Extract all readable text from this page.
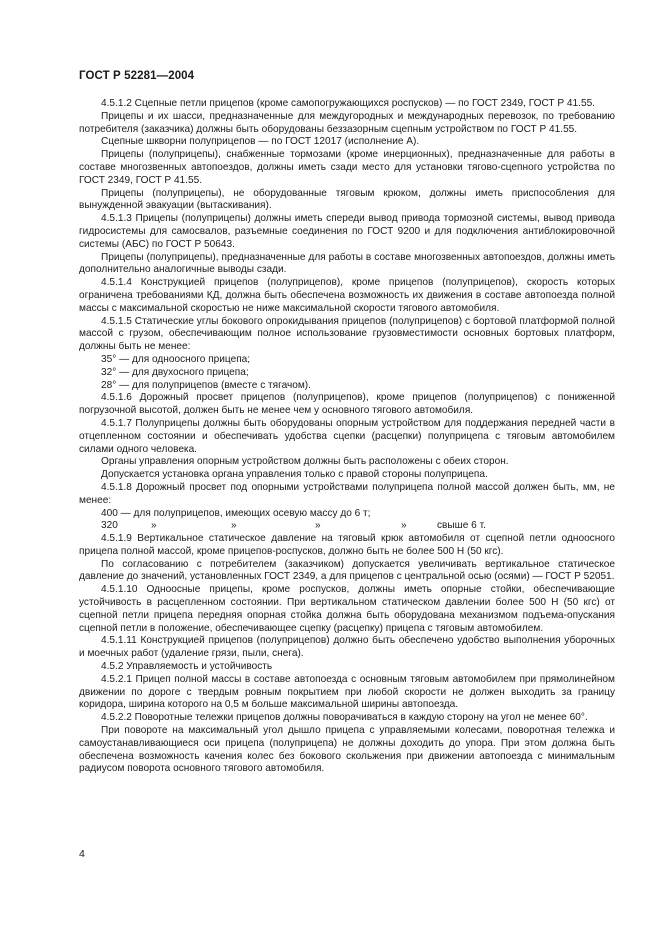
ГОСТ Р 52281—2004

4.5.1.2 Сцепные петли прицепов (кроме самопогружающихся роспусков) — по ГОСТ 2349, ГОСТ Р 41.55.

Прицепы и их шасси, предназначенные для междугородных и международных перевозок, по требованию потребителя (заказчика) должны быть оборудованы беззазорным сцепным устройством по ГОСТ Р 41.55.

Сцепные шкворни полуприцепов — по ГОСТ 12017 (исполнение А).

Прицепы (полуприцепы), снабженные тормозами (кроме инерционных), предназначенные для работы в составе многозвенных автопоездов, должны иметь сзади место для установки тягово-сцепного устройства по ГОСТ 2349, ГОСТ Р 41.55.

Прицепы (полуприцепы), не оборудованные тяговым крюком, должны иметь приспособления для вынужденной эвакуации (вытаскивания).

4.5.1.3 Прицепы (полуприцепы) должны иметь спереди вывод привода тормозной системы, вывод привода гидросистемы для самосвалов, разъемные соединения по ГОСТ 9200 и для подключения антиблокировочной системы (АБС) по ГОСТ Р 50643.

Прицепы (полуприцепы), предназначенные для работы в составе многозвенных автопоездов, должны иметь дополнительно аналогичные выводы сзади.

4.5.1.4 Конструкцией прицепов (полуприцепов), кроме прицепов (полуприцепов), скорость которых ограничена требованиями КД, должна быть обеспечена возможность их движения в составе автопоезда полной массы с максимальной скоростью не ниже максимальной скорости тягового автомобиля.

4.5.1.5 Статические углы бокового опрокидывания прицепов (полуприцепов) с бортовой платформой полной массой с грузом, обеспечивающим полное использование грузовместимости основных бортовых платформ, должны быть не менее:

35° — для одноосного прицепа;

32° — для двухосного прицепа;

28° — для полуприцепов (вместе с тягачом).

4.5.1.6 Дорожный просвет прицепов (полуприцепов), кроме прицепов (полуприцепов) с пониженной погрузочной высотой, должен быть не менее чем у основного тягового автомобиля.

4.5.1.7 Полуприцепы должны быть оборудованы опорным устройством для поддержания передней части в отцепленном состоянии и обеспечивать удобства сцепки (расцепки) полуприцепа с тяговым автомобилем силами одного человека.

Органы управления опорным устройством должны быть расположены с обеих сторон.

Допускается установка органа управления только с правой стороны полуприцепа.

4.5.1.8 Дорожный просвет под опорными устройствами полуприцепа полной массой должен быть, мм, не менее:

400 — для полуприцепов, имеющих осевую массу до 6 т;

320	»	»	»	»	свыше 6 т.

4.5.1.9 Вертикальное статическое давление на тяговый крюк автомобиля от сцепной петли одноосного прицепа полной массой, кроме прицепов-роспусков, должно быть не более 500 Н (50 кгс).

По согласованию с потребителем (заказчиком) допускается увеличивать вертикальное статическое давление до значений, установленных ГОСТ 2349, а для прицепов с центральной осью (осями) — ГОСТ Р 52051.

4.5.1.10 Одноосные прицепы, кроме роспусков, должны иметь опорные стойки, обеспечивающие устойчивость в расцепленном состоянии. При вертикальном статическом давлении более 500 Н (50 кгс) от сцепной петли прицепа передняя опорная стойка должна быть оборудована механизмом подъема-опускания сцепной петли в положение, обеспечивающее сцепку (расцепку) прицепа с тяговым автомобилем.

4.5.1.11 Конструкцией прицепов (полуприцепов) должно быть обеспечено удобство выполнения уборочных и моечных работ (удаление грязи, пыли, снега).

4.5.2 Управляемость и устойчивость

4.5.2.1 Прицеп полной массы в составе автопоезда с основным тяговым автомобилем при прямолинейном движении по дороге с твердым ровным покрытием при любой скорости не должен выходить за границу коридора, ширина которого на 0,5 м больше максимальной ширины автопоезда.

4.5.2.2 Поворотные тележки прицепов должны поворачиваться в каждую сторону на угол не менее 60°.

При повороте на максимальный угол дышло прицепа с управляемыми колесами, поворотная тележка и самоустанавливающиеся оси прицепа (полуприцепа) не должны доходить до упора. При этом должна быть обеспечена возможность качения колес без бокового скольжения при движении автопоезда с минимальным радиусом поворота основного тягового автомобиля.

4
